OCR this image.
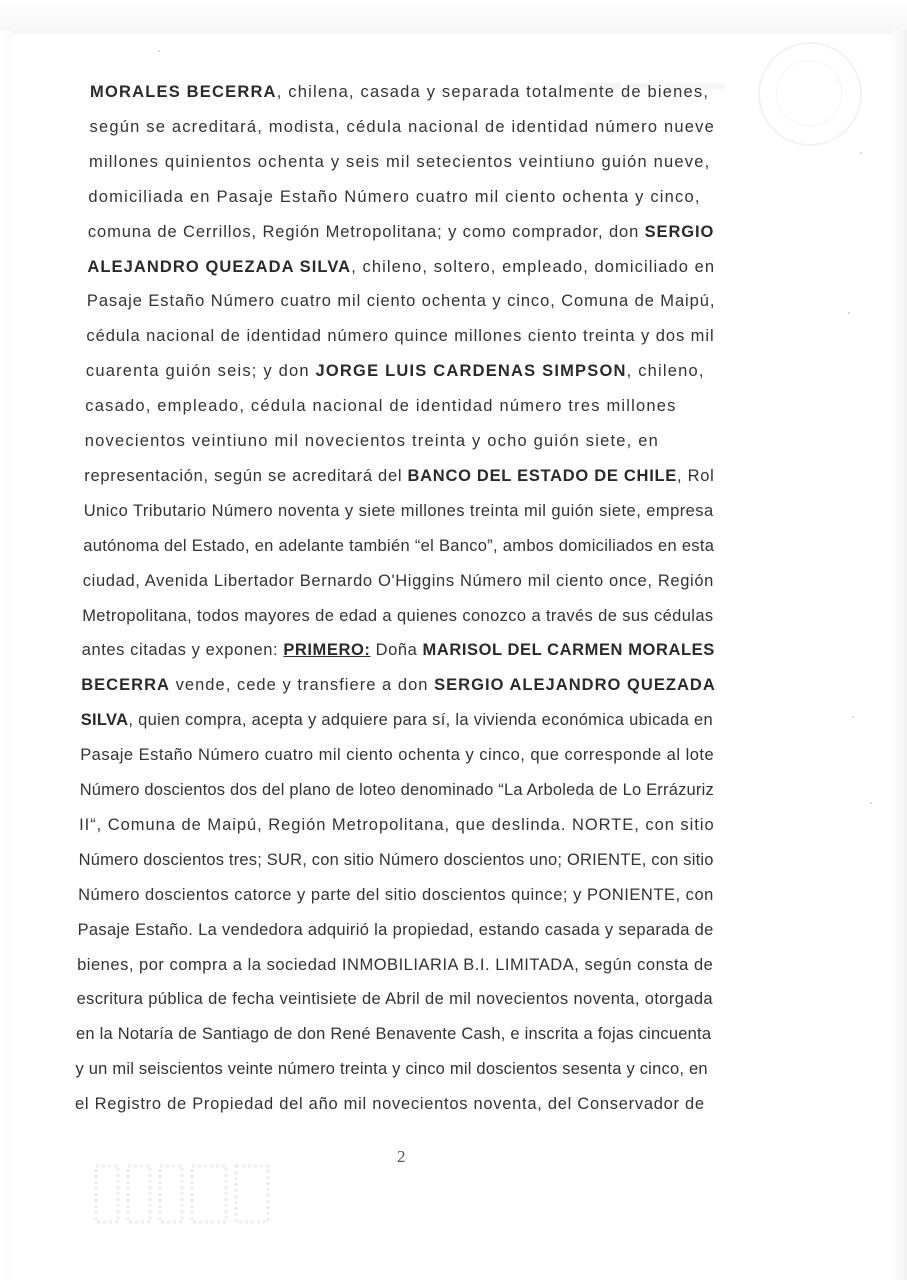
MORALES BECERRA, chilena, casada y separada totalmente de bienes,
según se acreditará, modista, cédula nacional de identidad número nueve
millones quinientos ochenta y seis mil setecientos veintiuno guión nueve,
domiciliada en Pasaje Estaño Número cuatro mil ciento ochenta y cinco,
comuna de Cerrillos, Región Metropolitana; y como comprador, don SERGIO
ALEJANDRO QUEZADA SILVA, chileno, soltero, empleado, domiciliado en
Pasaje Estaño Número cuatro mil ciento ochenta y cinco, Comuna de Maipú,
cédula nacional de identidad número quince millones ciento treinta y dos mil
cuarenta guión seis; y don JORGE LUIS CARDENAS SIMPSON, chileno,
casado, empleado, cédula nacional de identidad número tres millones
novecientos veintiuno mil novecientos treinta y ocho guión siete, en
representación, según se acreditará del BANCO DEL ESTADO DE CHILE, Rol
Unico Tributario Número noventa y siete millones treinta mil guión siete, empresa
autónoma del Estado, en adelante también “el Banco”, ambos domiciliados en esta
ciudad, Avenida Libertador Bernardo O'Higgins Número mil ciento once, Región
Metropolitana, todos mayores de edad a quienes conozco a través de sus cédulas
antes citadas y exponen: PRIMERO: Doña MARISOL DEL CARMEN MORALES
BECERRA vende, cede y transfiere a don SERGIO ALEJANDRO QUEZADA
SILVA, quien compra, acepta y adquiere para sí, la vivienda económica ubicada en
Pasaje Estaño Número cuatro mil ciento ochenta y cinco, que corresponde al lote
Número doscientos dos del plano de loteo denominado “La Arboleda de Lo Errázuriz
II“, Comuna de Maipú, Región Metropolitana, que deslinda. NORTE, con sitio
Número doscientos tres; SUR, con sitio Número doscientos uno; ORIENTE, con sitio
Número doscientos catorce y parte del sitio doscientos quince; y PONIENTE, con
Pasaje Estaño. La vendedora adquirió la propiedad, estando casada y separada de
bienes, por compra a la sociedad INMOBILIARIA B.I. LIMITADA, según consta de
escritura pública de fecha veintisiete de Abril de mil novecientos noventa, otorgada
en la Notaría de Santiago de don René Benavente Cash, e inscrita a fojas cincuenta
y un mil seiscientos veinte número treinta y cinco mil doscientos sesenta y cinco, en
el Registro de Propiedad del año mil novecientos noventa, del Conservador de
2
